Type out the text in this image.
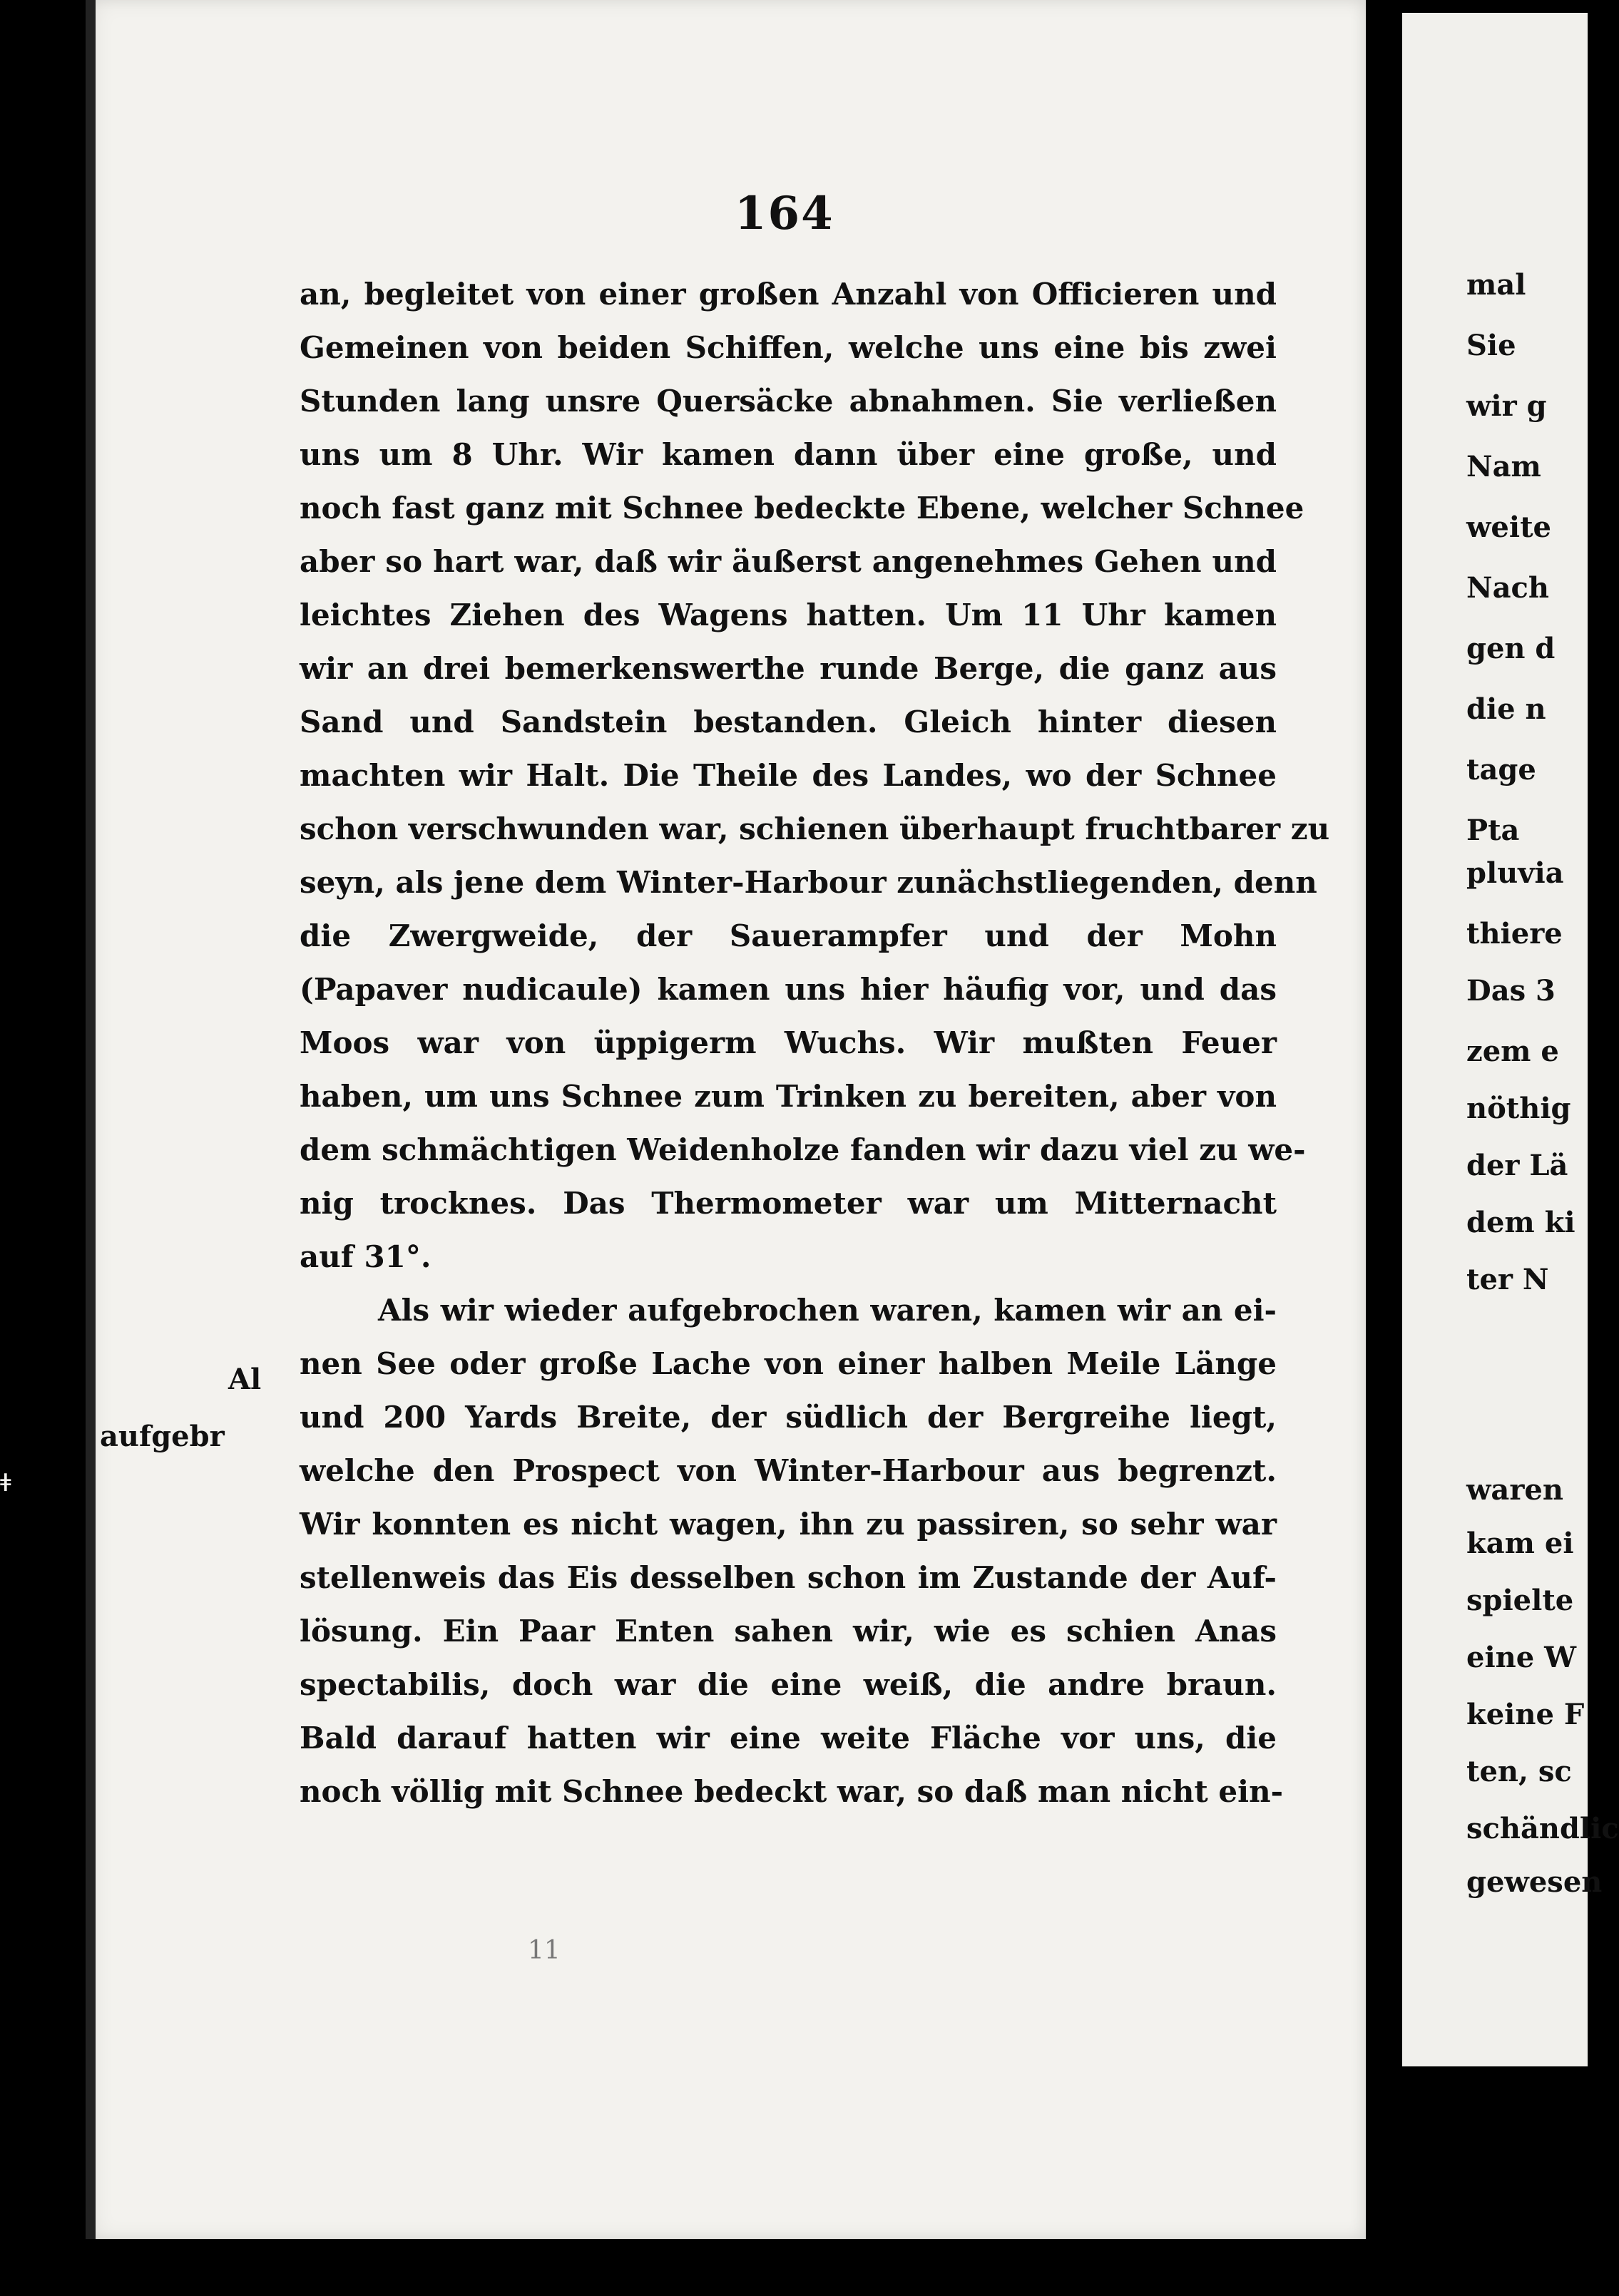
mal
Sie
wir g
Nam
weite
Nach
gen d
die n
tage
Pta
pluvia
thiere
Das 3
zem e
nöthig
der Lä
dem ki
ter N
Al
aufgebr
waren
kam ei
spielte
eine W
keine F
ten, sc
schändlic
gewesen
ǂ
164
an, begleitet von einer großen Anzahl von Officieren und
Gemeinen von beiden Schiffen, welche uns eine bis zwei
Stunden lang unsre Quersäcke abnahmen. Sie verließen
uns um 8 Uhr. Wir kamen dann über eine große, und
noch fast ganz mit Schnee bedeckte Ebene, welcher Schnee
aber so hart war, daß wir äußerst angenehmes Gehen und
leichtes Ziehen des Wagens hatten. Um 11 Uhr kamen
wir an drei bemerkenswerthe runde Berge, die ganz aus
Sand und Sandstein bestanden. Gleich hinter diesen
machten wir Halt. Die Theile des Landes, wo der Schnee
schon verschwunden war, schienen überhaupt fruchtbarer zu
seyn, als jene dem Winter-Harbour zunächstliegenden, denn
die Zwergweide, der Sauerampfer und der Mohn
(Papaver nudicaule) kamen uns hier häufig vor, und das
Moos war von üppigerm Wuchs. Wir mußten Feuer
haben, um uns Schnee zum Trinken zu bereiten, aber von
dem schmächtigen Weidenholze fanden wir dazu viel zu we-
nig trocknes. Das Thermometer war um Mitternacht
auf 31°.
Als wir wieder aufgebrochen waren, kamen wir an ei-
nen See oder große Lache von einer halben Meile Länge
und 200 Yards Breite, der südlich der Bergreihe liegt,
welche den Prospect von Winter-Harbour aus begrenzt.
Wir konnten es nicht wagen, ihn zu passiren, so sehr war
stellenweis das Eis desselben schon im Zustande der Auf-
lösung. Ein Paar Enten sahen wir, wie es schien Anas
spectabilis, doch war die eine weiß, die andre braun.
Bald darauf hatten wir eine weite Fläche vor uns, die
noch völlig mit Schnee bedeckt war, so daß man nicht ein-
11
